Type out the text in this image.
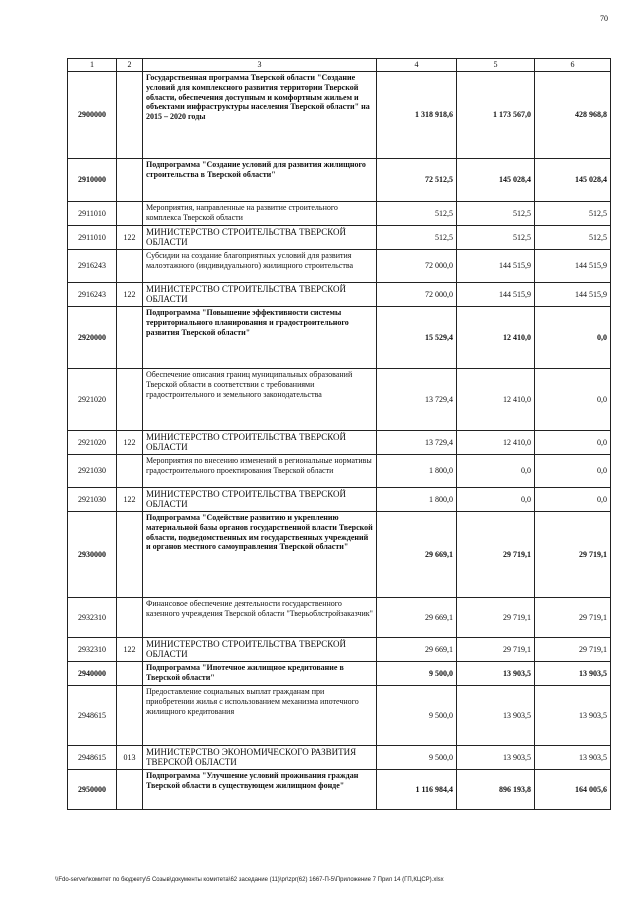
70
1	2	3	4	5	6
2900000		Государственная программа Тверской области "Создание условий для комплексного развития территории Тверской области, обеспечения доступным и комфортным жильем и объектами инфраструктуры населения Тверской области" на 2015 – 2020 годы	1 318 918,6	1 173 567,0	428 968,8
2910000		Подпрограмма "Создание условий для развития жилищного строительства в Тверской области"	72 512,5	145 028,4	145 028,4
2911010		Мероприятия, направленные на развитие строительного комплекса Тверской области	512,5	512,5	512,5
2911010	122	МИНИСТЕРСТВО СТРОИТЕЛЬСТВА ТВЕРСКОЙ ОБЛАСТИ	512,5	512,5	512,5
2916243		Субсидии на создание благоприятных условий для развития малоэтажного (индивидуального) жилищного строительства	72 000,0	144 515,9	144 515,9
2916243	122	МИНИСТЕРСТВО СТРОИТЕЛЬСТВА ТВЕРСКОЙ ОБЛАСТИ	72 000,0	144 515,9	144 515,9
2920000		Подпрограмма "Повышение эффективности системы территориального планирования и градостроительного развития Тверской области"	15 529,4	12 410,0	0,0
2921020		Обеспечение описания границ муниципальных образований Тверской области в соответствии с требованиями градостроительного и земельного законодательства	13 729,4	12 410,0	0,0
2921020	122	МИНИСТЕРСТВО СТРОИТЕЛЬСТВА ТВЕРСКОЙ ОБЛАСТИ	13 729,4	12 410,0	0,0
2921030		Мероприятия по внесению изменений в региональные нормативы градостроительного проектирования Тверской области	1 800,0	0,0	0,0
2921030	122	МИНИСТЕРСТВО СТРОИТЕЛЬСТВА ТВЕРСКОЙ ОБЛАСТИ	1 800,0	0,0	0,0
2930000		Подпрограмма "Содействие развитию и укреплению материальной базы органов государственной власти Тверской области, подведомственных им государственных учреждений и органов местного самоуправления Тверской области"	29 669,1	29 719,1	29 719,1
2932310		Финансовое обеспечение деятельности государственного казенного учреждения Тверской области "Тверьоблстройзаказчик"	29 669,1	29 719,1	29 719,1
2932310	122	МИНИСТЕРСТВО СТРОИТЕЛЬСТВА ТВЕРСКОЙ ОБЛАСТИ	29 669,1	29 719,1	29 719,1
2940000		Подпрограмма "Ипотечное жилищное кредитование в Тверской области"	9 500,0	13 903,5	13 903,5
2948615		Предоставление социальных выплат гражданам при приобретении жилья с использованием механизма ипотечного жилищного кредитования	9 500,0	13 903,5	13 903,5
2948615	013	МИНИСТЕРСТВО ЭКОНОМИЧЕСКОГО РАЗВИТИЯ ТВЕРСКОЙ ОБЛАСТИ	9 500,0	13 903,5	13 903,5
2950000		Подпрограмма "Улучшение условий проживания граждан Тверской области в существующем жилищном фонде"	1 116 984,4	896 193,8	164 005,6
\\Fdo-server\комитет по бюджету\5 Созыв\документы комитета\62 заседание (11)\pr\zpr(62) 1667-П-5\Приложение 7 Прил 14 (ГП,КЦСР).xlsx
